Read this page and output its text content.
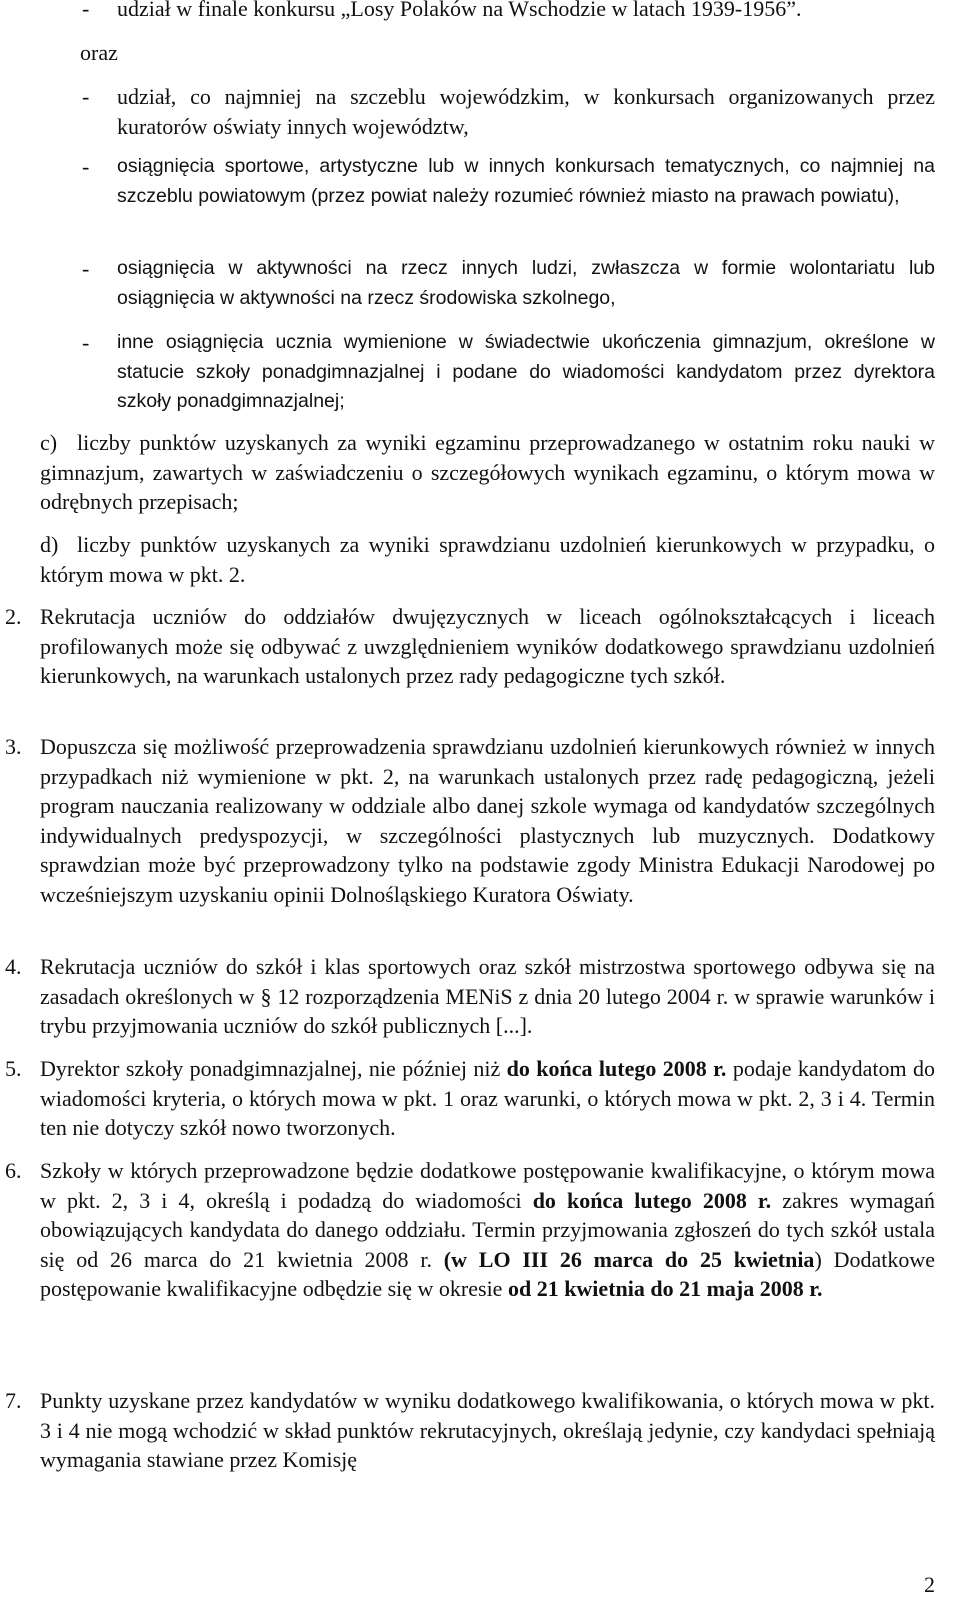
- udział w finale konkursu „Losy Polaków na Wschodzie w latach 1939-1956”.
oraz
- udział, co najmniej na szczeblu wojewódzkim, w konkursach organizowanych przez kuratorów oświaty innych województw,
- osiągnięcia sportowe, artystyczne lub w innych konkursach tematycznych, co najmniej na szczeblu powiatowym (przez powiat należy rozumieć również miasto na prawach powiatu),
- osiągnięcia w aktywności na rzecz innych ludzi, zwłaszcza w formie wolontariatu lub osiągnięcia w aktywności na rzecz środowiska szkolnego,
- inne osiągnięcia ucznia wymienione w świadectwie ukończenia gimnazjum, określone w statucie szkoły ponadgimnazjalnej i podane do wiadomości kandydatom przez dyrektora szkoły ponadgimnazjalnej;
c) liczby punktów uzyskanych za wyniki egzaminu przeprowadzanego w ostatnim roku nauki w gimnazjum, zawartych w zaświadczeniu o szczegółowych wynikach egzaminu, o którym mowa w odrębnych przepisach;
d) liczby punktów uzyskanych za wyniki sprawdzianu uzdolnień kierunkowych w przypadku, o którym mowa w pkt. 2.
2. Rekrutacja uczniów do oddziałów dwujęzycznych w liceach ogólnokształcących i liceach profilowanych może się odbywać z uwzględnieniem wyników dodatkowego sprawdzianu uzdolnień kierunkowych, na warunkach ustalonych przez rady pedagogiczne tych szkół.
3. Dopuszcza się możliwość przeprowadzenia sprawdzianu uzdolnień kierunkowych również w innych przypadkach niż wymienione w pkt. 2, na warunkach ustalonych przez radę pedagogiczną, jeżeli program nauczania realizowany w oddziale albo danej szkole wymaga od kandydatów szczególnych indywidualnych predyspozycji, w szczególności plastycznych lub muzycznych. Dodatkowy sprawdzian może być przeprowadzony tylko na podstawie zgody Ministra Edukacji Narodowej po wcześniejszym uzyskaniu opinii Dolnośląskiego Kuratora Oświaty.
4. Rekrutacja uczniów do szkół i klas sportowych oraz szkół mistrzostwa sportowego odbywa się na zasadach określonych w § 12 rozporządzenia MENiS z dnia 20 lutego 2004 r. w sprawie warunków i trybu przyjmowania uczniów do szkół publicznych [...].
5. Dyrektor szkoły ponadgimnazjalnej, nie później niż do końca lutego 2008 r. podaje kandydatom do wiadomości kryteria, o których mowa w pkt. 1 oraz warunki, o których mowa w pkt. 2, 3 i 4. Termin ten nie dotyczy szkół nowo tworzonych.
6. Szkoły w których przeprowadzone będzie dodatkowe postępowanie kwalifikacyjne, o którym mowa w pkt. 2, 3 i 4, określą i podadzą do wiadomości do końca lutego 2008 r. zakres wymagań obowiązujących kandydata do danego oddziału. Termin przyjmowania zgłoszeń do tych szkół ustala się od 26 marca do 21 kwietnia 2008 r. (w LO III 26 marca do 25 kwietnia) Dodatkowe postępowanie kwalifikacyjne odbędzie się w okresie od 21 kwietnia do 21 maja 2008 r.
7. Punkty uzyskane przez kandydatów w wyniku dodatkowego kwalifikowania, o których mowa w pkt. 3 i 4 nie mogą wchodzić w skład punktów rekrutacyjnych, określają jedynie, czy kandydaci spełniają wymagania stawiane przez Komisję
2
